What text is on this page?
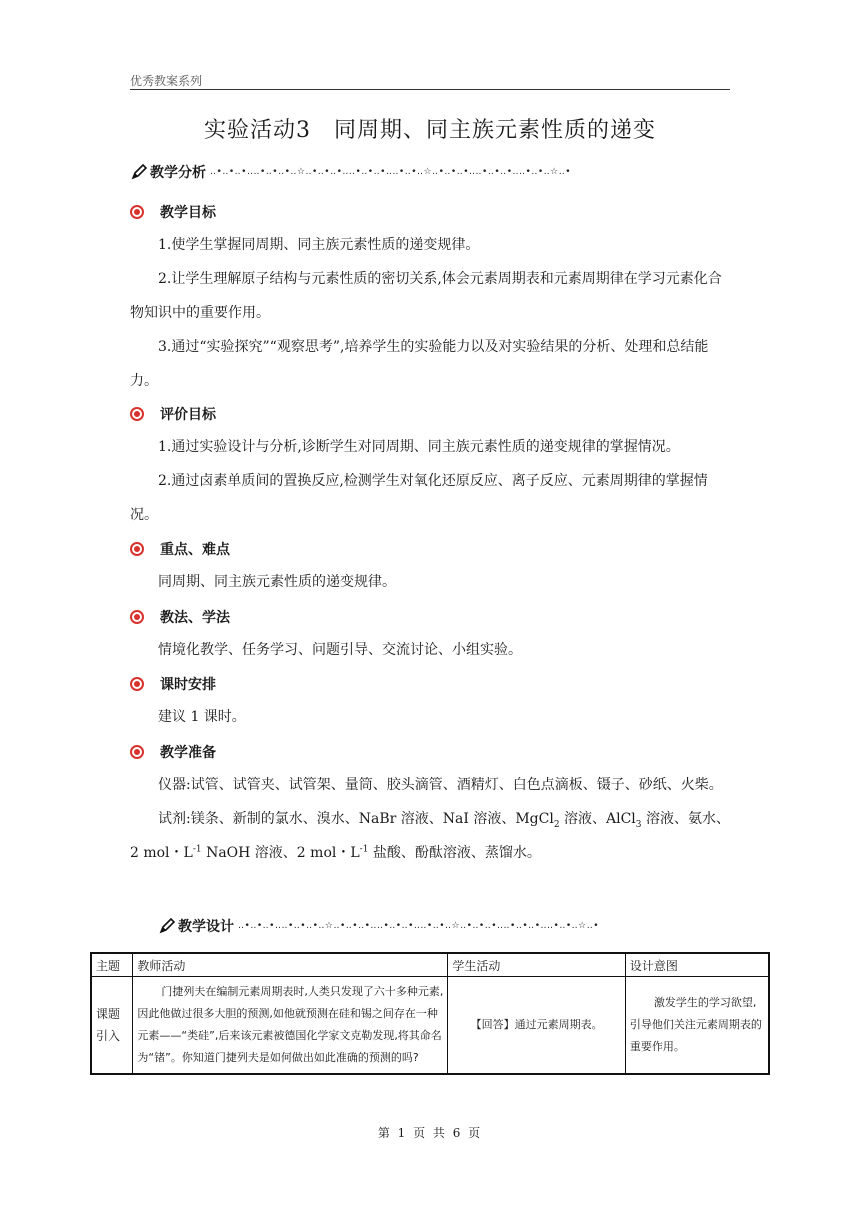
优秀教案系列
实验活动3　同周期、同主族元素性质的递变
教学分析 ‥•‥•‥•‥‥•‥•‥•‥☆‥•‥•‥•‥‥•‥•‥•‥‥•‥•‥☆‥•‥•‥•‥‥•‥•‥•‥‥•‥•‥☆‥•
教学目标

1.使学生掌握同周期、同主族元素性质的递变规律。

2.让学生理解原子结构与元素性质的密切关系,体会元素周期表和元素周期律在学习元素化合物知识中的重要作用。

3.通过“实验探究”“观察思考”,培养学生的实验能力以及对实验结果的分析、处理和总结能力。

评价目标

1.通过实验设计与分析,诊断学生对同周期、同主族元素性质的递变规律的掌握情况。

2.通过卤素单质间的置换反应,检测学生对氧化还原反应、离子反应、元素周期律的掌握情况。

重点、难点

同周期、同主族元素性质的递变规律。

教法、学法

情境化教学、任务学习、问题引导、交流讨论、小组实验。

课时安排

建议 1 课时。

教学准备

仪器:试管、试管夹、试管架、量筒、胶头滴管、酒精灯、白色点滴板、镊子、砂纸、火柴。

试剂:镁条、新制的氯水、溴水、NaBr 溶液、NaI 溶液、MgCl$_2$ 溶液、AlCl$_3$ 溶液、氨水、2 mol・$L^{-1}$ NaOH 溶液、2 mol・$L^{-1}$ 盐酸、酚酞溶液、蒸馏水。

教学设计 ‥•‥•‥•‥‥•‥•‥•‥☆‥•‥•‥•‥‥•‥•‥•‥‥•‥•‥☆‥•‥•‥•‥‥•‥•‥•‥‥•‥•‥☆‥•
主题	教师活动	学生活动	设计意图
课题引入	门捷列夫在编制元素周期表时,人类只发现了六十多种元素,因此他做过很多大胆的预测,如他就预测在硅和锡之间存在一种元素——“类硅”,后来该元素被德国化学家文克勒发现,将其命名为“锗”。你知道门捷列夫是如何做出如此准确的预测的吗?	【回答】通过元素周期表。	激发学生的学习欲望,引导他们关注元素周期表的重要作用。
第 1 页 共 6 页
